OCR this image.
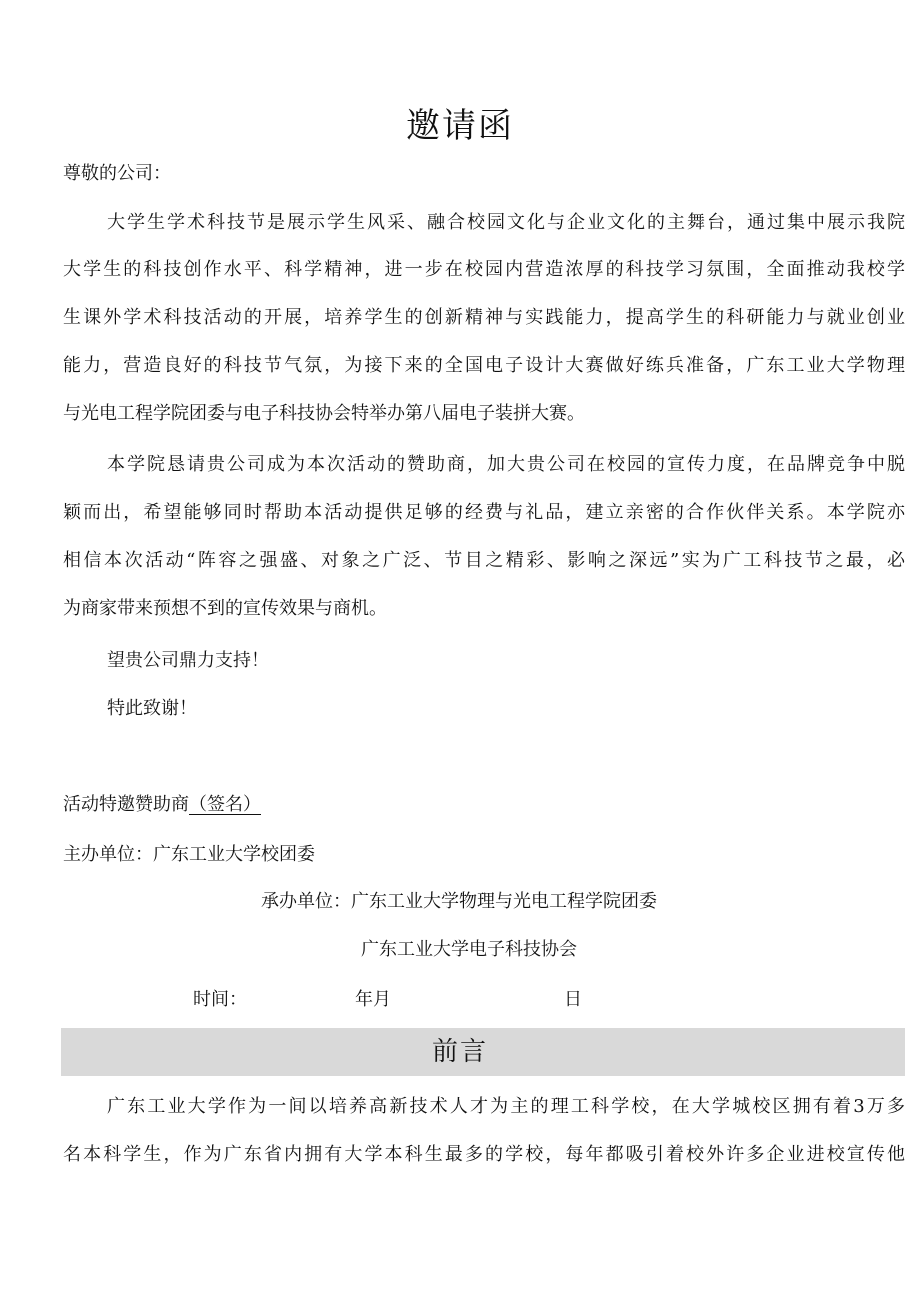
邀请函
尊敬的公司：
大学生学术科技节是展示学生风采、融合校园文化与企业文化的主舞台，通过集中展示我院
大学生的科技创作水平、科学精神，进一步在校园内营造浓厚的科技学习氛围，全面推动我校学
生课外学术科技活动的开展，培养学生的创新精神与实践能力，提高学生的科研能力与就业创业
能力，营造良好的科技节气氛，为接下来的全国电子设计大赛做好练兵准备，广东工业大学物理
与光电工程学院团委与电子科技协会特举办第八届电子装拼大赛。
本学院恳请贵公司成为本次活动的赞助商，加大贵公司在校园的宣传力度，在品牌竞争中脱
颖而出，希望能够同时帮助本活动提供足够的经费与礼品，建立亲密的合作伙伴关系。本学院亦
相信本次活动“阵容之强盛、对象之广泛、节目之精彩、影响之深远”实为广工科技节之最，必
为商家带来预想不到的宣传效果与商机。
望贵公司鼎力支持！
特此致谢！
活动特邀赞助商（签名）
主办单位：广东工业大学校团委
承办单位：广东工业大学物理与光电工程学院团委
广东工业大学电子科技协会
时间：	年月	日
前言
广东工业大学作为一间以培养高新技术人才为主的理工科学校，在大学城校区拥有着3万多
名本科学生，作为广东省内拥有大学本科生最多的学校，每年都吸引着校外许多企业进校宣传他
